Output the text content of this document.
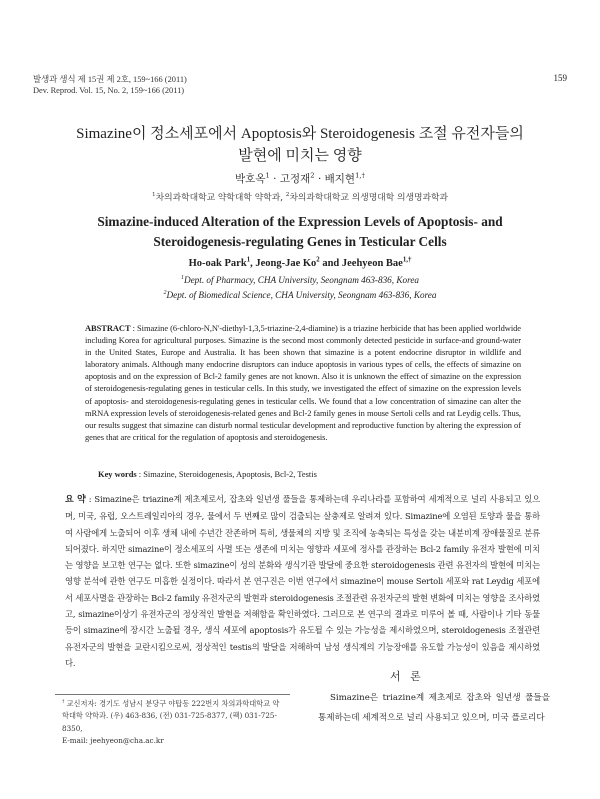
발생과 생식 제 15권 제 2호, 159~166 (2011)
Dev. Reprod. Vol. 15, No. 2, 159~166 (2011)
159
Simazine이 정소세포에서 Apoptosis와 Steroidogenesis 조절 유전자들의
발현에 미치는 영향
박호옥$^1$ · 고정재$^2$ · 배지현$^{1,\dagger}$
$^1$차의과학대학교 약학대학 약학과, $^2$차의과학대학교 의생명대학 의생명과학과
Simazine-induced Alteration of the Expression Levels of Apoptosis- and
Steroidogenesis-regulating Genes in Testicular Cells
Ho-oak Park$^1$, Jeong-Jae Ko$^2$ and Jeehyeon Bae$^{1,\dagger}$
$^1$Dept. of Pharmacy, CHA University, Seongnam 463-836, Korea
$^2$Dept. of Biomedical Science, CHA University, Seongnam 463-836, Korea
ABSTRACT : Simazine (6-chloro-N,N'-diethyl-1,3,5-triazine-2,4-diamine) is a triazine herbicide that has been applied worldwide including Korea for agricultural purposes. Simazine is the second most commonly detected pesticide in surface-and ground-water in the United States, Europe and Australia. It has been shown that simazine is a potent endocrine disruptor in wildlife and laboratory animals. Although many endocrine disruptors can induce apoptosis in various types of cells, the effects of simazine on apoptosis and on the expression of Bcl-2 family genes are not known. Also it is unknown the effect of simazine on the expression of steroidogenesis-regulating genes in testicular cells. In this study, we investigated the effect of simazine on the expression levels of apoptosis- and steroidogenesis-regulating genes in testicular cells. We found that a low concentration of simazine can alter the mRNA expression levels of steroidogenesis-related genes and Bcl-2 family genes in mouse Sertoli cells and rat Leydig cells. Thus, our results suggest that simazine can disturb normal testicular development and reproductive function by altering the expression of genes that are critical for the regulation of apoptosis and steroidogenesis.
Key words : Simazine, Steroidogenesis, Apoptosis, Bcl-2, Testis
요 약 : Simazine은 triazine계 제초제로서, 잡초와 일년생 풀들을 통제하는데 우리나라를 포함하여 세계적으로 널리 사용되고 있으며, 미국, 유럽, 오스트레일리아의 경우, 물에서 두 번째로 많이 검출되는 살충제로 알려져 있다. Simazine에 오염된 토양과 물을 통하여 사람에게 노출되어 이후 생체 내에 수년간 잔존하며 특히, 생물체의 지방 및 조직에 농축되는 특성을 갖는 내분비계 장애물질로 분류되어졌다. 하지만 simazine이 정소세포의 사멸 또는 생존에 미치는 영향과 세포에 정사를 관장하는 Bcl-2 family 유전자 발현에 미치는 영향을 보고한 연구는 없다. 또한 simazine이 성의 분화와 생식기관 발달에 중요한 steroidogenesis 관련 유전자의 발현에 미치는 영향 분석에 관한 연구도 미흡한 실정이다. 따라서 본 연구진은 이번 연구에서 simazine이 mouse Sertoli 세포와 rat Leydig 세포에서 세포사멸을 관장하는 Bcl-2 family 유전자군의 발현과 steroidogenesis 조절관련 유전자군의 발현 변화에 미치는 영향을 조사하였고, simazine이상기 유전자군의 정상적인 발현을 저해함을 확인하였다. 그러므로 본 연구의 결과로 미루어 볼 때, 사람이나 기타 동물 등이 simazine에 장시간 노출될 경우, 생식 세포에 apoptosis가 유도될 수 있는 가능성을 제시하였으며, steroidogenesis 조절관련 유전자군의 발현을 교란시킴으로써, 정상적인 testis의 발달을 저해하여 남성 생식계의 기능장애를 유도할 가능성이 있음을 제시하였다.
† 교신저자: 경기도 성남시 분당구 야탑동 222번지 차의과학대학교 약
학대학 약학과. (우) 463-836, (전) 031-725-8377, (팩) 031-725-8350,
E-mail: jeehyeon@cha.ac.kr
서 론
Simazine은 triazine계 제초제로 잡초와 일년생 풀들을 통제하는데 세계적으로 널리 사용되고 있으며, 미국 플로리다
